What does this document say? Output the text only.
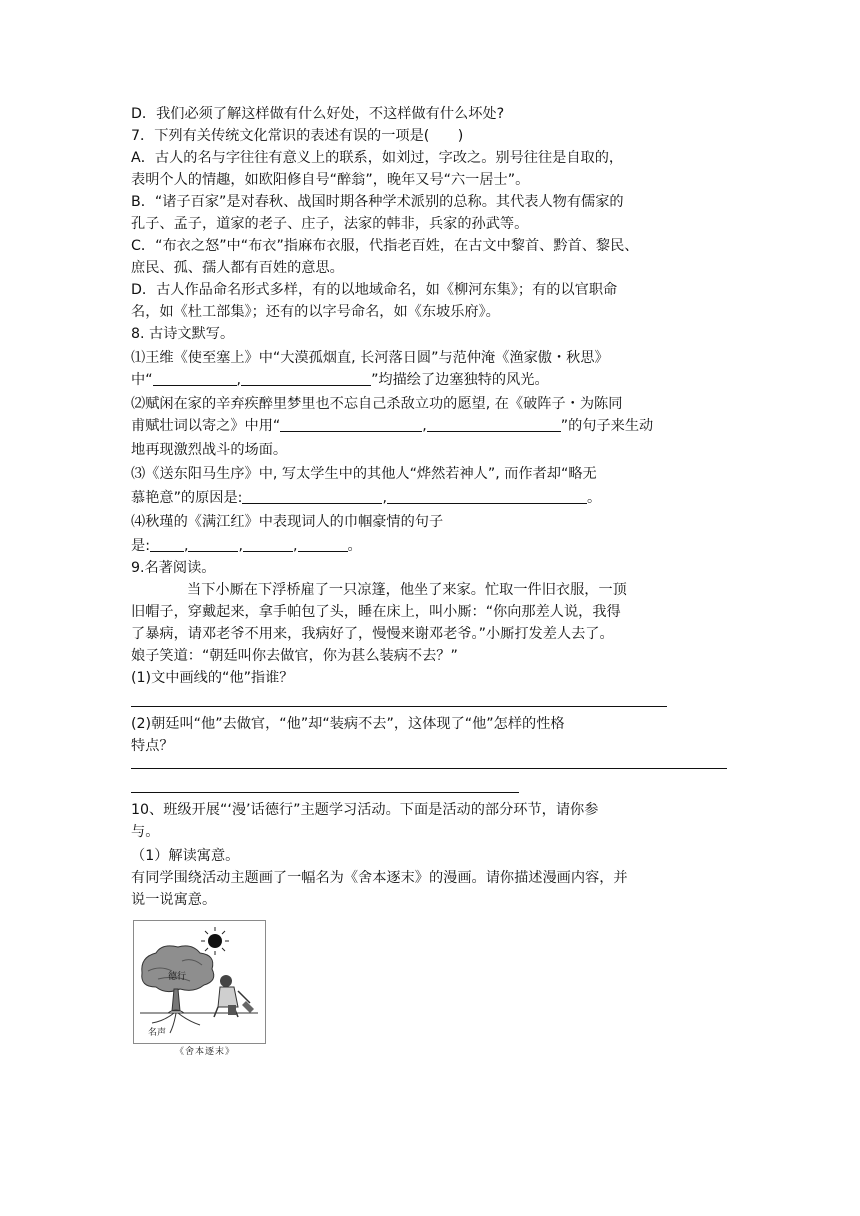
D．我们必须了解这样做有什么好处，不这样做有什么坏处?
7．下列有关传统文化常识的表述有误的一项是(　　)
A．古人的名与字往往有意义上的联系，如刘过，字改之。别号往往是自取的，
表明个人的情趣，如欧阳修自号“醉翁”，晚年又号“六一居士”。
B．“诸子百家”是对春秋、战国时期各种学术派别的总称。其代表人物有儒家的
孔子、孟子，道家的老子、庄子，法家的韩非，兵家的孙武等。
C．“布衣之怒”中“布衣”指麻布衣服，代指老百姓，在古文中黎首、黔首、黎民、
庶民、孤、孺人都有百姓的意思。
D．古人作品命名形式多样，有的以地域命名，如《柳河东集》；有的以官职命
名，如《杜工部集》；还有的以字号命名，如《东坡乐府》。
8. 古诗文默写。
⑴王维《使至塞上》中“大漠孤烟直, 长河落日圆”与范仲淹《渔家傲・秋思》
中“	,	”均描绘了边塞独特的风光。
⑵赋闲在家的辛弃疾醉里梦里也不忘自己杀敌立功的愿望, 在《破阵子・为陈同
甫赋壮词以寄之》中用“	,	”的句子来生动
地再现激烈战斗的场面。
⑶《送东阳马生序》中, 写太学生中的其他人“烨然若神人”, 而作者却“略无
慕艳意”的原因是:	,	。
⑷秋瑾的《满江红》中表现词人的巾帼豪情的句子
是: ,	,	,	。
9.名著阅读。
当下小厮在下浮桥雇了一只凉篷，他坐了来家。忙取一件旧衣服，一顶
旧帽子，穿戴起来，拿手帕包了头，睡在床上，叫小厮：“你向那差人说，我得
了暴病，请邓老爷不用来，我病好了，慢慢来谢邓老爷。”小厮打发差人去了。
娘子笑道：“朝廷叫你去做官，你为甚么装病不去？”
(1)文中画线的“他”指谁？
(2)朝廷叫“他”去做官，“他”却“装病不去”，这体现了“他”怎样的性格
特点？
10、班级开展“‘漫’话德行”主题学习活动。下面是活动的部分环节，请你参
与。
（1）解读寓意。
有同学围绕活动主题画了一幅名为《舍本逐末》的漫画。请你描述漫画内容，并
说一说寓意。
德行
名声
《舍本逐末》
